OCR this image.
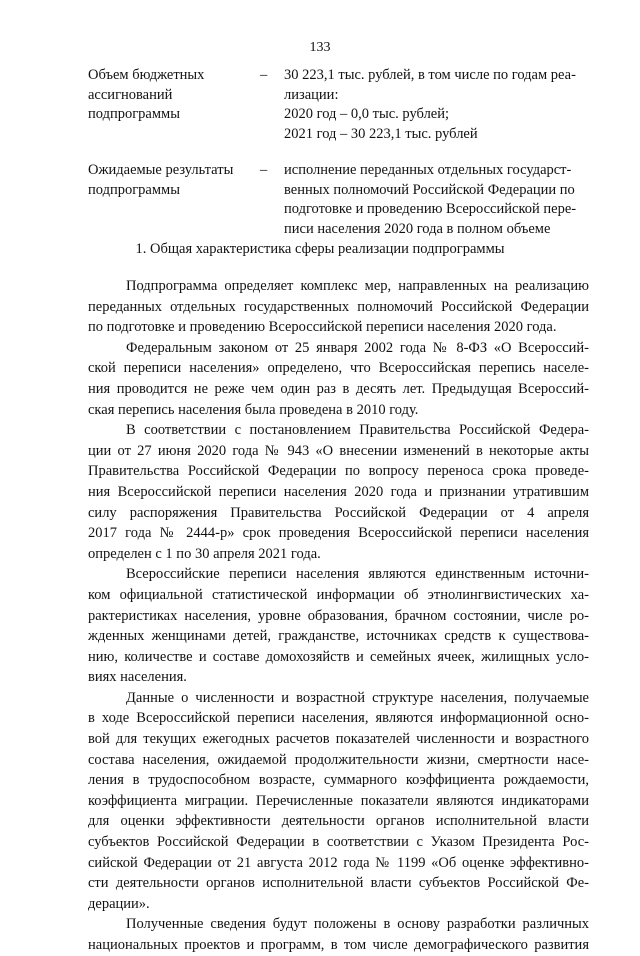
133
Объем бюджетных
ассигнований
подпрограммы
–	30 223,1 тыс. рублей, в том числе по годам реа-
лизации:
2020 год – 0,0 тыс. рублей;
2021 год – 30 223,1 тыс. рублей
Ожидаемые результаты
подпрограммы
–	исполнение переданных отдельных государст-
венных полномочий Российской Федерации по
подготовке и проведению Всероссийской пере-
писи населения 2020 года в полном объеме
1. Общая характеристика сферы реализации подпрограммы

Подпрограмма определяет комплекс мер, направленных на реализацию
переданных отдельных государственных полномочий Российской Федерации
по подготовке и проведению Всероссийской переписи населения 2020 года.

Федеральным законом от 25 января 2002 года № 8-ФЗ «О Всероссий-
ской переписи населения» определено, что Всероссийская перепись населе-
ния проводится не реже чем один раз в десять лет. Предыдущая Всероссий-
ская перепись населения была проведена в 2010 году.

В соответствии с постановлением Правительства Российской Федера-
ции от 27 июня 2020 года № 943 «О внесении изменений в некоторые акты
Правительства Российской Федерации по вопросу переноса срока проведе-
ния Всероссийской переписи населения 2020 года и признании утратившим
силу распоряжения Правительства Российской Федерации от 4 апреля
2017 года № 2444-р» срок проведения Всероссийской переписи населения
определен с 1 по 30 апреля 2021 года.

Всероссийские переписи населения являются единственным источни-
ком официальной статистической информации об этнолингвистических ха-
рактеристиках населения, уровне образования, брачном состоянии, числе ро-
жденных женщинами детей, гражданстве, источниках средств к существова-
нию, количестве и составе домохозяйств и семейных ячеек, жилищных усло-
виях населения.

Данные о численности и возрастной структуре населения, получаемые
в ходе Всероссийской переписи населения, являются информационной осно-
вой для текущих ежегодных расчетов показателей численности и возрастного
состава населения, ожидаемой продолжительности жизни, смертности насе-
ления в трудоспособном возрасте, суммарного коэффициента рождаемости,
коэффициента миграции. Перечисленные показатели являются индикаторами
для оценки эффективности деятельности органов исполнительной власти
субъектов Российской Федерации в соответствии с Указом Президента Рос-
сийской Федерации от 21 августа 2012 года № 1199 «Об оценке эффективно-
сти деятельности органов исполнительной власти субъектов Российской Фе-
дерации».

Полученные сведения будут положены в основу разработки различных
национальных проектов и программ, в том числе демографического развития
